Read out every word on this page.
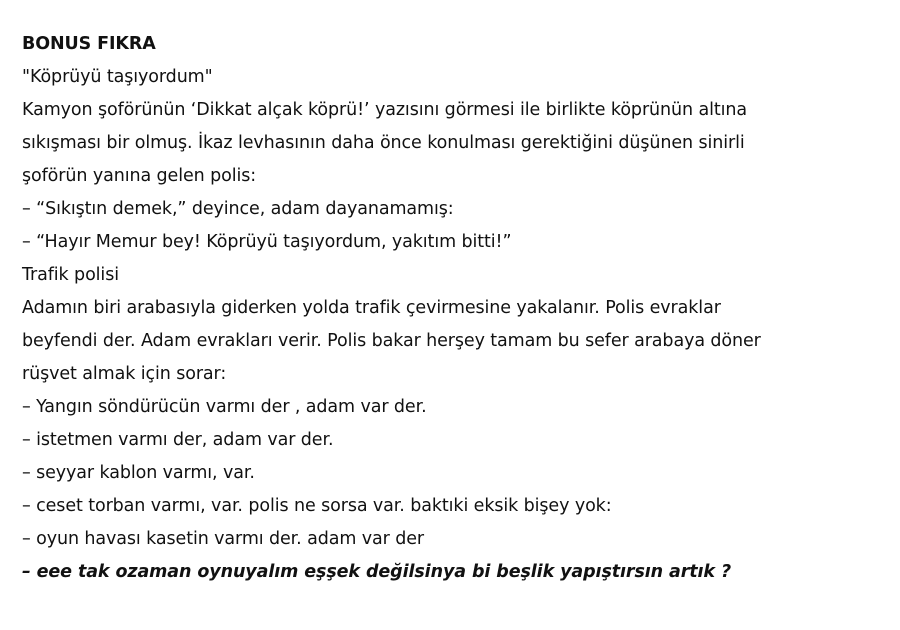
BONUS FIKRA
"Köprüyü taşıyordum"
Kamyon şoförünün ‘Dikkat alçak köprü!’ yazısını görmesi ile birlikte köprünün altına
sıkışması bir olmuş. İkaz levhasının daha önce konulması gerektiğini düşünen sinirli
şoförün yanına gelen polis:
– “Sıkıştın demek,” deyince, adam dayanamamış:
– “Hayır Memur bey! Köprüyü taşıyordum, yakıtım bitti!”
Trafik polisi
Adamın biri arabasıyla giderken yolda trafik çevirmesine yakalanır. Polis evraklar
beyfendi der. Adam evrakları verir. Polis bakar herşey tamam bu sefer arabaya döner
rüşvet almak için sorar:
– Yangın söndürücün varmı der , adam var der.
– istetmen varmı der, adam var der.
– seyyar kablon varmı, var.
– ceset torban varmı, var. polis ne sorsa var. baktıki eksik bişey yok:
– oyun havası kasetin varmı der. adam var der
– eee tak ozaman oynuyalım eşşek değilsinya bi beşlik yapıştırsın artık ?
